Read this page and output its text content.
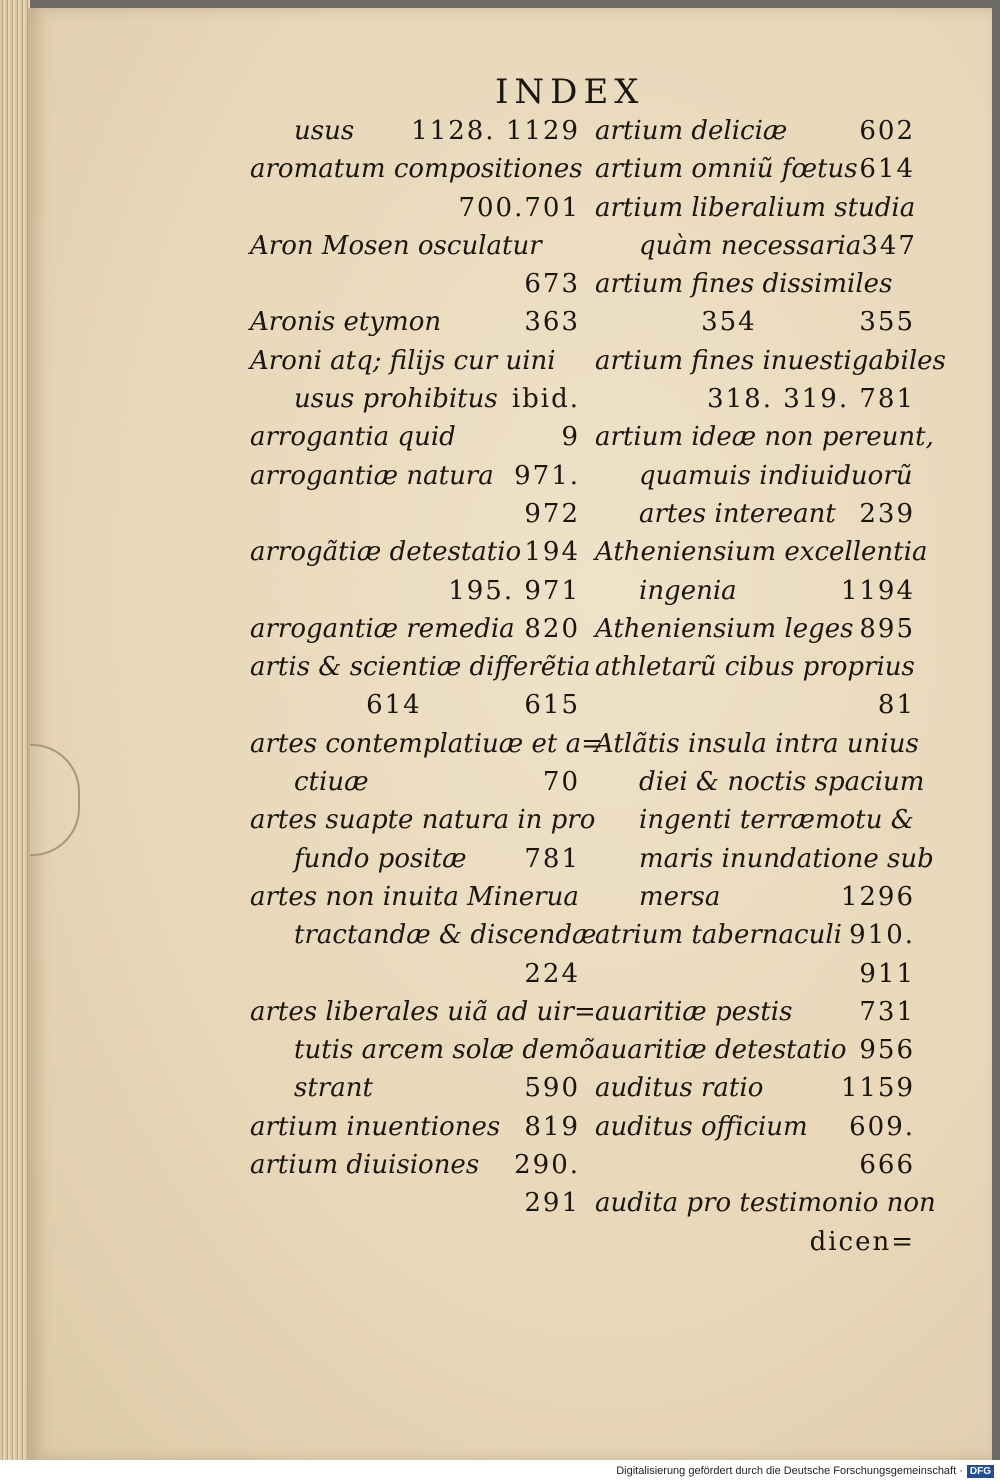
INDEX
usus 1128. 1129
aromatum compositiones
700.701
Aron Mosen osculatur
673
Aronis etymon	363
Aroni atq; filijs cur uini
usus prohibitus ibid.
arrogantia quid	9
arrogantiæ natura 971.
972
arrogãtiæ detestatio 194
195. 971
arrogantiæ remedia 820
artis & scientiæ differẽtia
614          615
artes contemplatiuæ et a=
ctiuæ	70
artes suapte natura in pro
fundo positæ 781
artes non inuita Minerua
tractandæ & discendæ
224
artes liberales uiã ad uir=
tutis arcem solæ demõ
strant	590
artium inuentiones 819
artium diuisiones 290.
291
artium deliciæ	602
artium omniũ fœtus 614
artium liberalium studia
quàm necessaria 347
artium fines dissimiles
354          355
artium fines inuestigabiles
318. 319. 781
artium ideæ non pereunt,
quamuis indiuiduorũ
artes intereant 239
Atheniensium excellentia
ingenia	1194
Atheniensium leges 895
athletarũ cibus proprius
81
Atlãtis insula intra unius
diei & noctis spacium
ingenti terræmotu &
maris inundatione sub
mersa	1296
atrium tabernaculi 910.
911
auaritiæ pestis	731
auaritiæ detestatio 956
auditus ratio	1159
auditus officium 609.
666
audita pro testimonio non
dicen=
Digitalisierung gefördert durch die Deutsche Forschungsgemeinschaft · DFG
